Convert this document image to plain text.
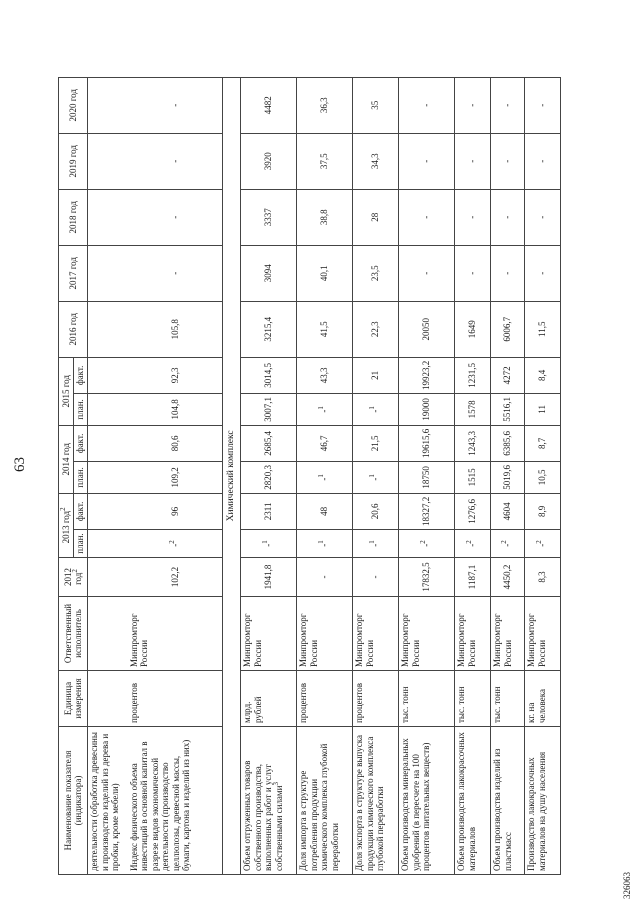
63
Наименование показателя (индикатора)	Единица измерения	Ответственный исполнитель	2012 год$^2$	2013 год$^2$		2014 год		2015 год		2016 год	2017 год	2018 год	2019 год	2020 год
				план.	факт.	план.	факт.	план.	факт.					
деятельности (обработка древесины и производство изделий из дерева и пробки, кроме мебели)														
Индекс физического объема инвестиций в основной капитал в разрезе видов экономической деятельности (производство целлюлозы, древесной массы, бумаги, картона и изделий из них)	процентов	Минпромторг России	102,2	-$^2$	96	109,2	80,6	104,8	92,3	105,8	-	-	-	-
Химический комплекс														
Объем отгруженных товаров собственного производства, выполненных работ и услуг собственными силами$^3$	млрд. рублей	Минпромторг России	1941,8	-$^1$	2311	2820,3	2685,4	3007,1	3014,5	3215,4	3094	3337	3920	4482
Доля импорта в структуре потребления продукции химического комплекса глубокой переработки	процентов	Минпромторг России	-	-$^1$	48	-$^1$	46,7	-$^1$	43,3	41,5	40,1	38,8	37,5	36,3
Доля экспорта в структуре выпуска продукции химического комплекса глубокой переработки	процентов	Минпромторг России	-	-$^1$	20,6	-$^1$	21,5	-$^1$	21	22,3	23,5	28	34,3	35
Объем производства минеральных удобрений (в пересчете на 100 процентов питательных веществ)	тыс. тонн	Минпромторг России	17832,5	-$^2$	18327,2	18750	19615,6	19000	19923,2	20050	-	-	-	-
Объем производства лакокрасочных материалов	тыс. тонн	Минпромторг России	1187,1	-$^2$	1276,6	1515	1243,3	1578	1231,5	1649	-	-	-	-
Объем производства изделий из пластмасс	тыс. тонн	Минпромторг России	4450,2	-$^2$	4604	5019,6	6385,6	5516,1	4272	6006,7	-	-	-	-
Производство лакокрасочных материалов на душу населения	кг. на человека	Минпромторг России	8,3	-$^2$	8,9	10,5	8,7	11	8,4	11,5	-	-	-	-
326063
